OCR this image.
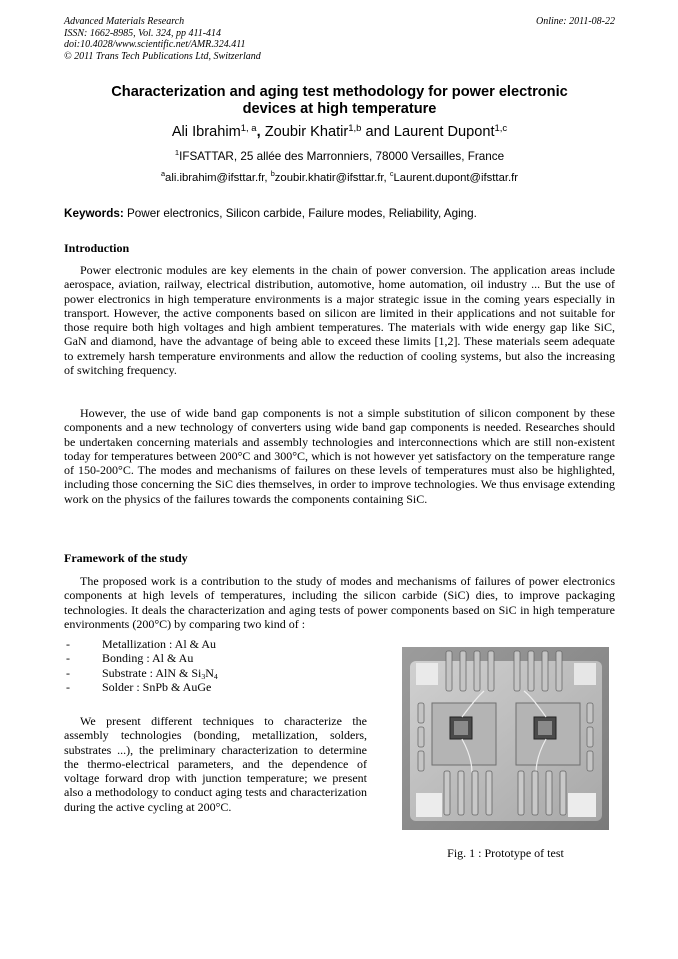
Advanced Materials Research
ISSN: 1662-8985, Vol. 324, pp 411-414
doi:10.4028/www.scientific.net/AMR.324.411
© 2011 Trans Tech Publications Ltd, Switzerland
Online: 2011-08-22
Characterization and aging test methodology for power electronic
devices at high temperature
Ali Ibrahim$^{1, a}$, Zoubir Khatir$^{1,b}$ and Laurent Dupont$^{1,c}$
$^1$IFSATTAR, 25 allée des Marronniers, 78000 Versailles, France
$^a$ali.ibrahim@ifsttar.fr, $^b$zoubir.khatir@ifsttar.fr, $^c$Laurent.dupont@ifsttar.fr
Keywords: Power electronics, Silicon carbide, Failure modes, Reliability, Aging.
Introduction

Power electronic modules are key elements in the chain of power conversion. The application areas include aerospace, aviation, railway, electrical distribution, automotive, home automation, oil industry ... But the use of power electronics in high temperature environments is a major strategic issue in the coming years especially in transport. However, the active components based on silicon are limited in their applications and not suitable for those require both high voltages and high ambient temperatures. The materials with wide energy gap like SiC, GaN and diamond, have the advantage of being able to exceed these limits [1,2]. These materials seem adequate to extremely harsh temperature environments and allow the reduction of cooling systems, but also the increasing of switching frequency.

However, the use of wide band gap components is not a simple substitution of silicon component by these components and a new technology of converters using wide band gap components is needed. Researches should be undertaken concerning materials and assembly technologies and interconnections which are still non-existent today for temperatures between 200°C and 300°C, which is not however yet satisfactory on the temperature range of 150-200°C. The modes and mechanisms of failures on these levels of temperatures must also be highlighted, including those concerning the SiC dies themselves, in order to improve technologies. We thus envisage extending work on the physics of the failures towards the components containing SiC.

Framework of the study

The proposed work is a contribution to the study of modes and mechanisms of failures of power electronics components at high levels of temperatures, including the silicon carbide (SiC) dies, to improve packaging technologies. It deals the characterization and aging tests of power components based on SiC in high temperature environments (200°C) by comparing two kind of :

- Metallization : Al & Au
- Bonding : Al & Au
- Substrate : AlN & $Si_3N_4$
- Solder : SnPb & AuGe

We present different techniques to characterize the assembly technologies (bonding, metallization, solders, substrates ...), the preliminary characterization to determine the thermo-electrical parameters, and the dependence of voltage forward drop with junction temperature; we present also a methodology to conduct aging tests and characterization during the active cycling at 200°C.

Fig. 1 : Prototype of test
